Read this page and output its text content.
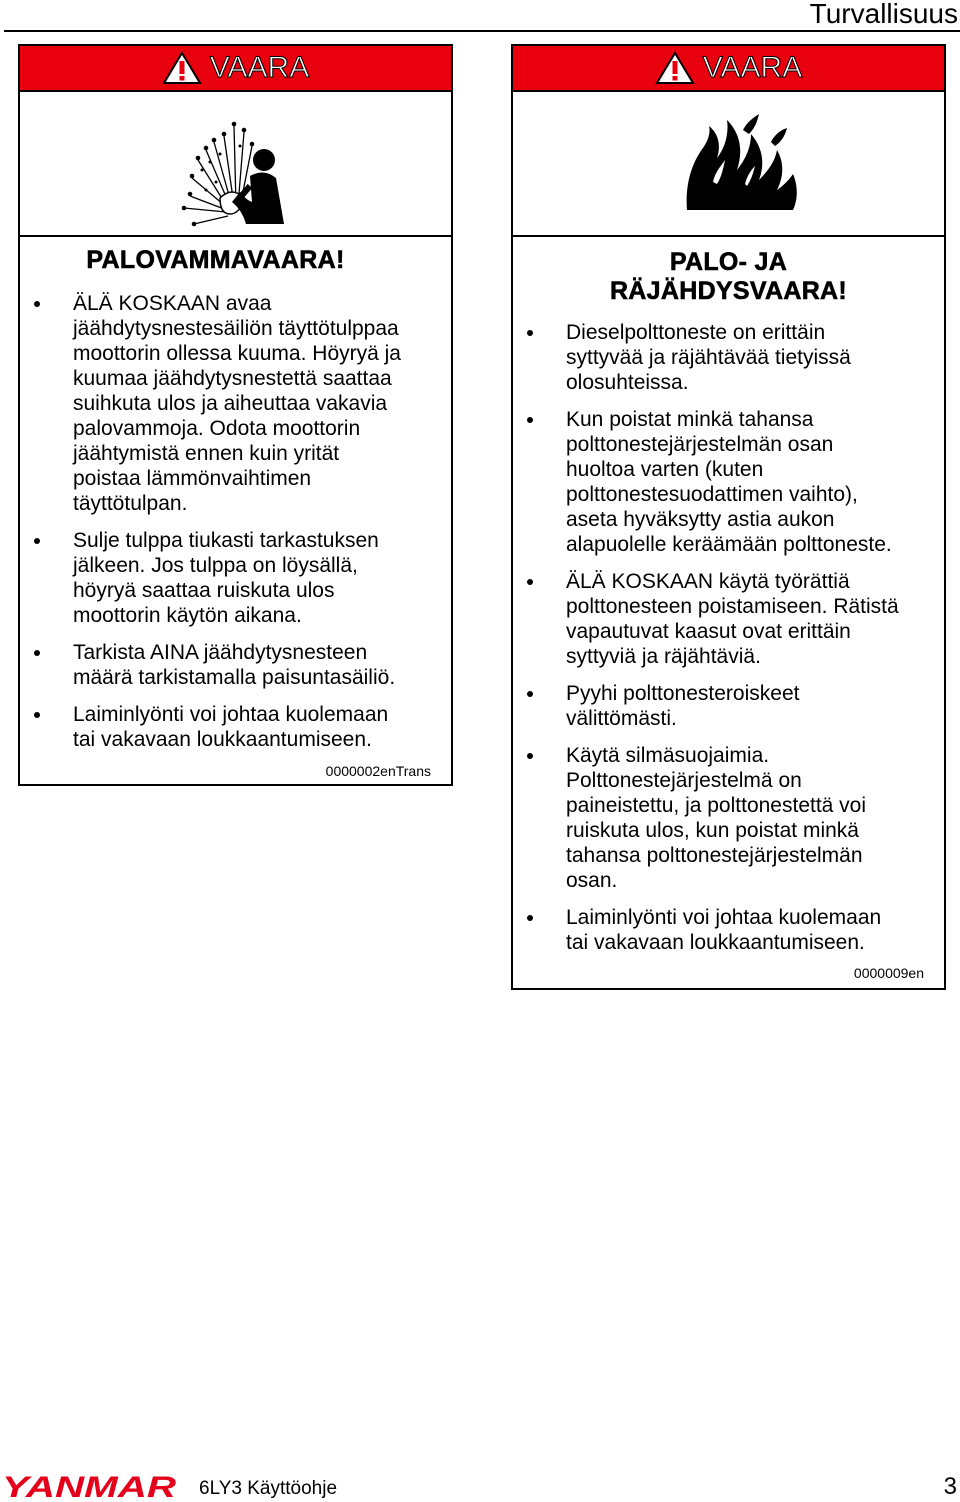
Turvallisuus
VAARA
PALOVAMMAVAARA!
ÄLÄ KOSKAAN avaa
jäähdytysnestesäiliön täyttötulppaa
moottorin ollessa kuuma. Höyryä ja
kuumaa jäähdytysnestettä saattaa
suihkuta ulos ja aiheuttaa vakavia
palovammoja. Odota moottorin
jäähtymistä ennen kuin yrität
poistaa lämmönvaihtimen
täyttötulpan.
Sulje tulppa tiukasti tarkastuksen
jälkeen. Jos tulppa on löysällä,
höyryä saattaa ruiskuta ulos
moottorin käytön aikana.
Tarkista AINA jäähdytysnesteen
määrä tarkistamalla paisuntasäiliö.
Laiminlyönti voi johtaa kuolemaan
tai vakavaan loukkaantumiseen.
0000002enTrans
VAARA
PALO- JA
RÄJÄHDYSVAARA!
Dieselpolttoneste on erittäin
syttyvää ja räjähtävää tietyissä
olosuhteissa.
Kun poistat minkä tahansa
polttonestejärjestelmän osan
huoltoa varten (kuten
polttonestesuodattimen vaihto),
aseta hyväksytty astia aukon
alapuolelle keräämään polttoneste.
ÄLÄ KOSKAAN käytä työrättiä
polttonesteen poistamiseen. Rätistä
vapautuvat kaasut ovat erittäin
syttyviä ja räjähtäviä.
Pyyhi polttonesteroiskeet
välittömästi.
Käytä silmäsuojaimia.
Polttonestejärjestelmä on
paineistettu, ja polttonestettä voi
ruiskuta ulos, kun poistat minkä
tahansa polttonestejärjestelmän
osan.
Laiminlyönti voi johtaa kuolemaan
tai vakavaan loukkaantumiseen.
0000009en
YANMAR 6LY3 Käyttöohje	3
